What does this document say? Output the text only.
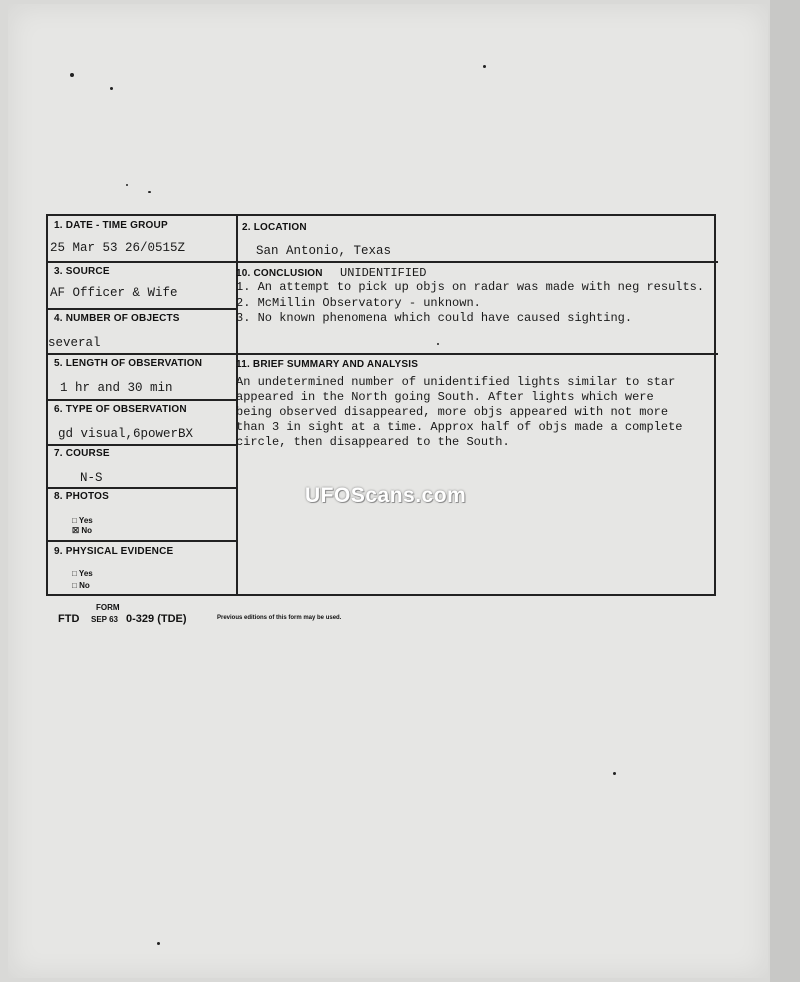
1. DATE - TIME GROUP
25 Mar 53 26/0515Z
2. LOCATION
San Antonio, Texas
3. SOURCE
AF Officer & Wife
10. CONCLUSION UNIDENTIFIED
1. An attempt to pick up objs on radar was made with neg results.
2. McMillin Observatory - unknown.
3. No known phenomena which could have caused sighting.
4. NUMBER OF OBJECTS
several
5. LENGTH OF OBSERVATION
1 hr and 30 min
11. BRIEF SUMMARY AND ANALYSIS
An undetermined number of unidentified lights similar to star
appeared in the North going South. After lights which were
being observed disappeared, more objs appeared with not more
than 3 in sight at a time. Approx half of objs made a complete
circle, then disappeared to the South.
6. TYPE OF OBSERVATION
gd visual,6powerBX
7. COURSE
N-S
8. PHOTOS
□ Yes
☒ No
9. PHYSICAL EVIDENCE
□ Yes
□ No
FORM
FTD SEP 63 0-329 (TDE)	Previous editions of this form may be used.
UFOScans.com
